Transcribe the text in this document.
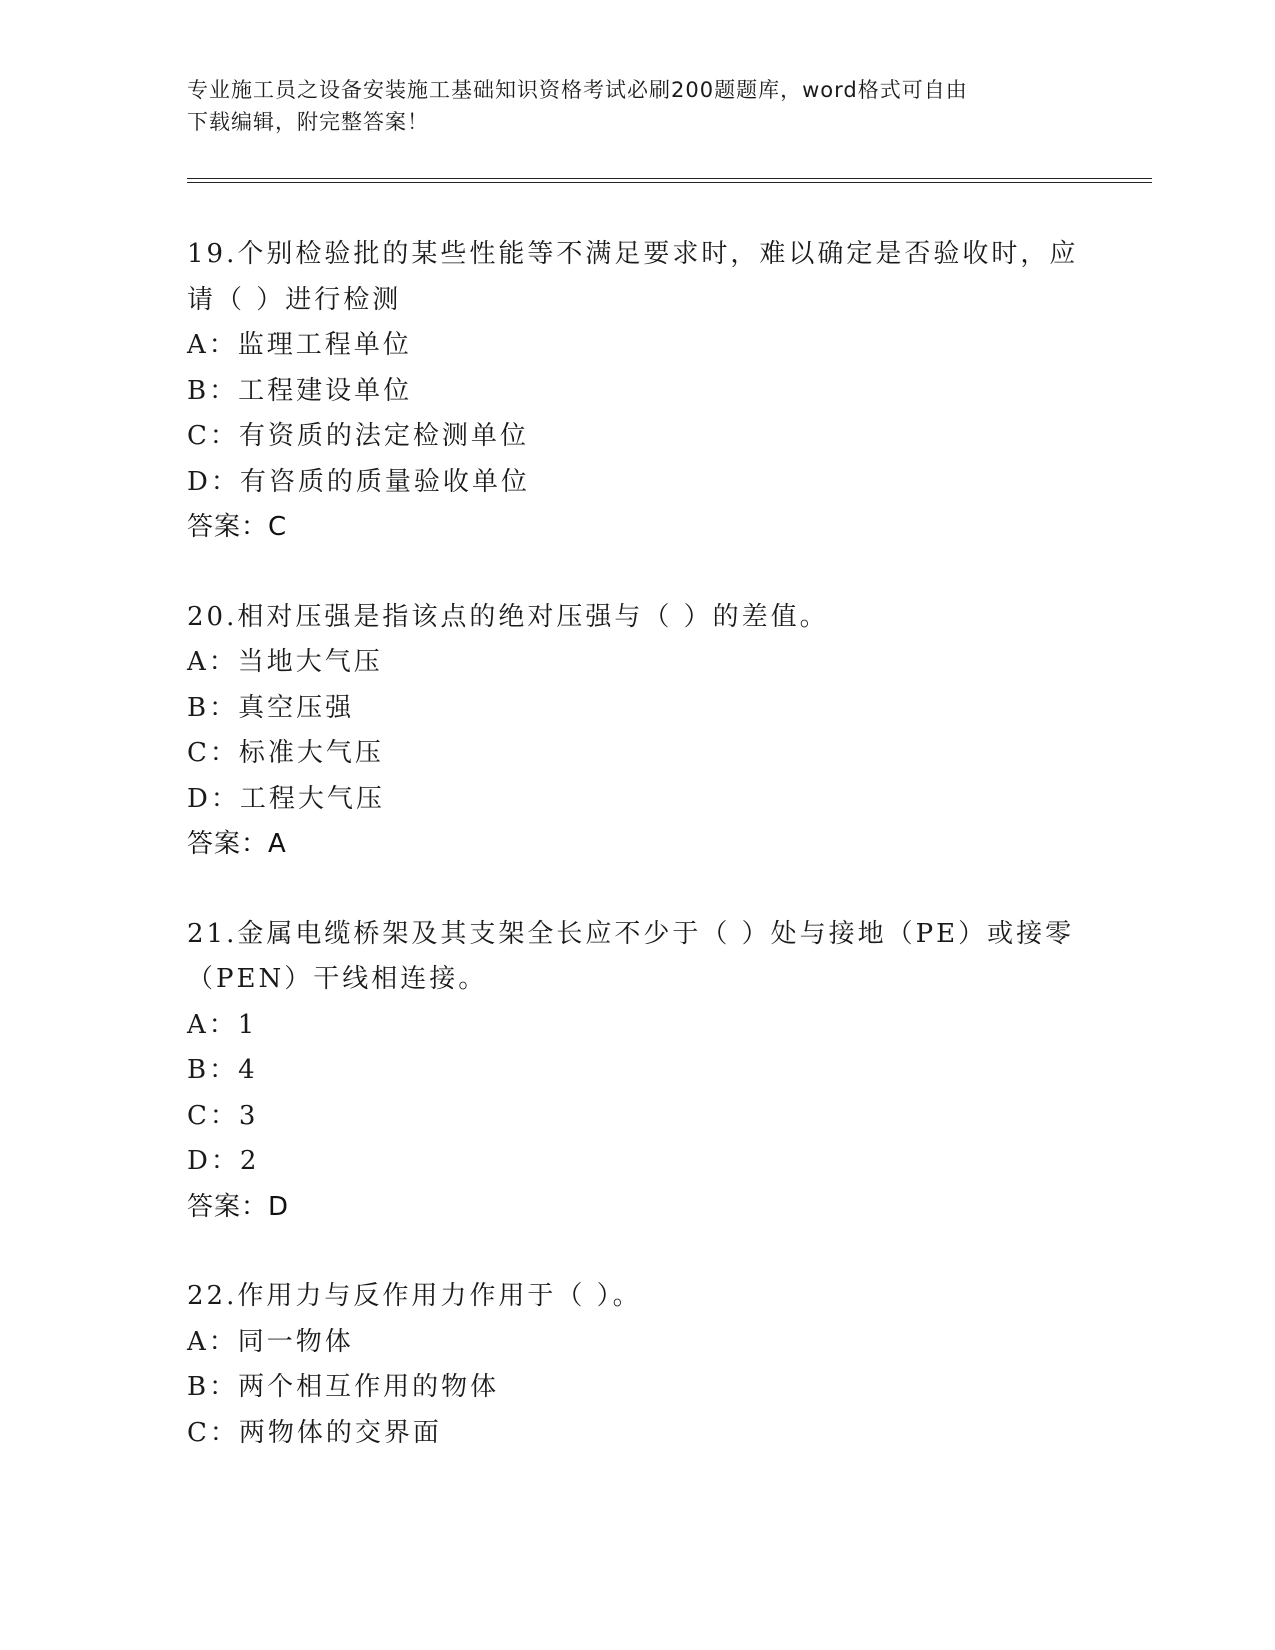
专业施工员之设备安装施工基础知识资格考试必刷200题题库，word格式可自由
下载编辑，附完整答案！

19.个别检验批的某些性能等不满足要求时，难以确定是否验收时，应

请（ ）进行检测

A：监理工程单位

B：工程建设单位

C：有资质的法定检测单位

D：有咨质的质量验收单位

答案：C

20.相对压强是指该点的绝对压强与（ ）的差值。

A：当地大气压

B：真空压强

C：标准大气压

D：工程大气压

答案：A

21.金属电缆桥架及其支架全长应不少于（ ）处与接地（PE）或接零

（PEN）干线相连接。

A：1

B：4

C：3

D：2

答案：D

22.作用力与反作用力作用于（ ）。

A：同一物体

B：两个相互作用的物体

C：两物体的交界面
